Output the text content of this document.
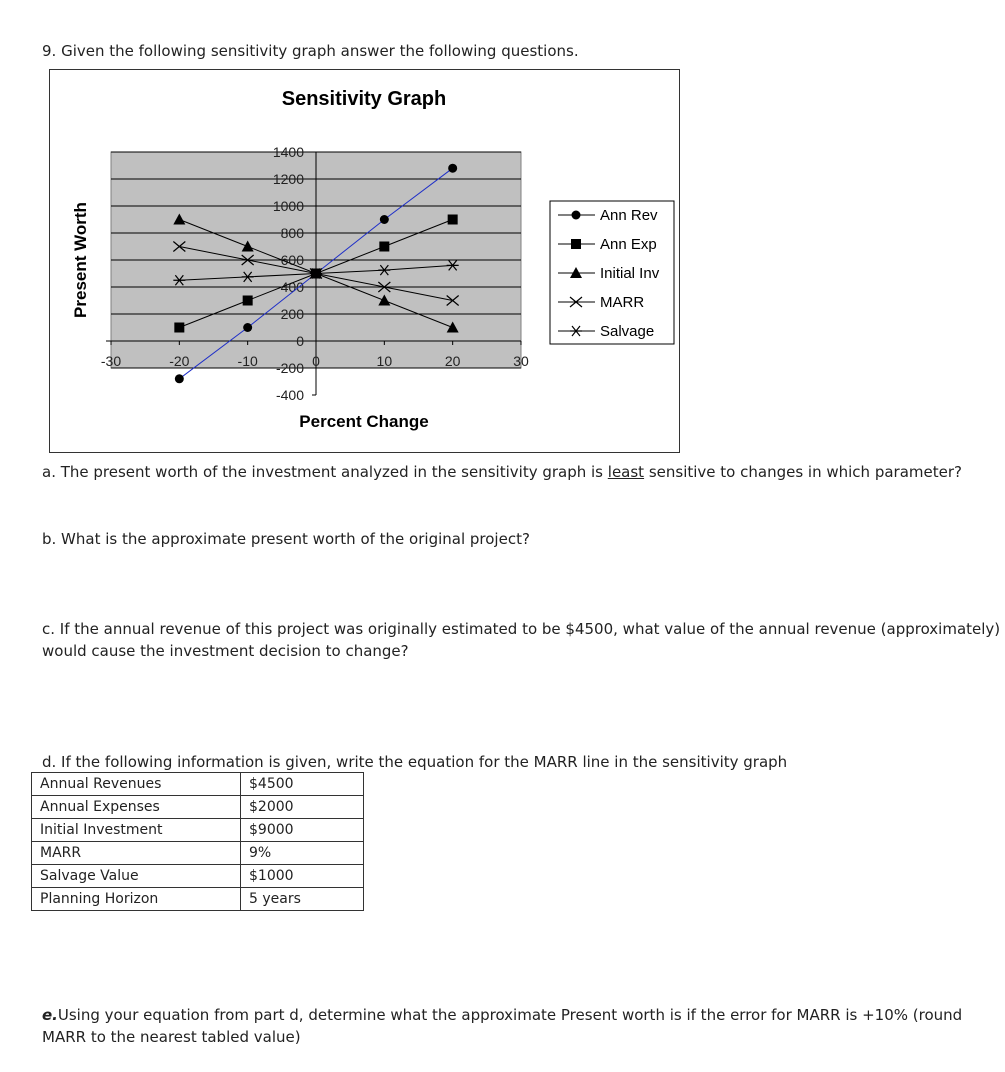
9. Given the following sensitivity graph answer the following questions.

Sensitivity Graph
1400
1200
1000
800
600
400
200
0
-200
-400
-30	-20	-10	0	10	20	30
Percent Change
Present Worth	Ann Rev
Ann Exp
Initial Inv
MARR
Salvage

a. The present worth of the investment analyzed in the sensitivity graph is least sensitive to changes in which parameter?

b. What is the approximate present worth of the original project?

c. If the annual revenue of this project was originally estimated to be $4500, what value of the annual revenue (approximately)

would cause the investment decision to change?

d. If the following information is given, write the equation for the MARR line in the sensitivity graph

Annual Revenues	$4500
Annual Expenses	$2000
Initial Investment	$9000
MARR	9%
Salvage Value	$1000
Planning Horizon	5 years

e.Using your equation from part d, determine what the approximate Present worth is if the error for MARR is +10% (round

MARR to the nearest tabled value)
